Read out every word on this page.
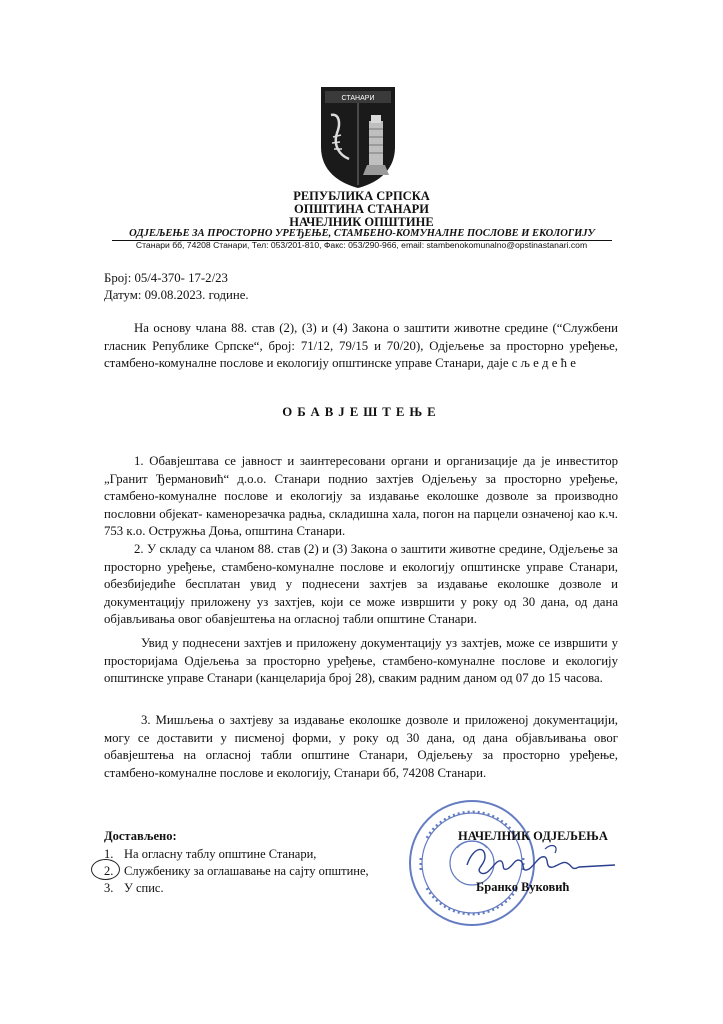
СТАНАРИ
РЕПУБЛИКА СРПСКА
ОПШТИНА СТАНАРИ
НАЧЕЛНИК ОПШТИНЕ
ОДЈЕЉЕЊЕ ЗА ПРОСТОРНО УРЕЂЕЊЕ, СТАМБЕНО-КОМУНАЛНЕ ПОСЛОВЕ И ЕКОЛОГИЈУ
Станари бб, 74208 Станари, Тел: 053/201-810, Факс: 053/290-966, email: stambenokomunalno@opstinastanari.com
Број: 05/4-370- 17-2/23
Датум: 09.08.2023. године.
На основу члана 88. став (2), (3) и (4) Закона о заштити животне средине (“Службени гласник Републике Српске“, број: 71/12, 79/15 и 70/20), Одјељење за просторно уређење, стамбено-комуналне послове и екологију општинске управе Станари, даје с љ е д е ћ е
ОБАВЈЕШТЕЊЕ
1. Обавјештава се јавност и заинтересовани органи и организације да је инвеститор „Гранит Ђермановић“ д.о.о. Станари поднио захтјев Одјељењу за просторно уређење, стамбено-комуналне послове и екологију за издавање еколошке дозволе за производно пословни објекат- каменорезачка радња, складишна хала, погон на парцели означеној као к.ч. 753 к.о. Остружња Доња, општина Станари.
2. У складу са чланом 88. став (2) и (3) Закона о заштити животне средине, Одјељење за просторно уређење, стамбено-комуналне послове и екологију општинске управе Станари, обезбиједиће бесплатан увид у поднесени захтјев за издавање еколошке дозволе и документацију приложену уз захтјев, који се може извршити у року од 30 дана, од дана објављивања овог обавјештења на огласној табли општине Станари.
Увид у поднесени захтјев и приложену документацију уз захтјев, може се извршити у просторијама Одјељења за просторно уређење, стамбено-комуналне послове и екологију општинске управе Станари (канцеларија број 28), сваким радним даном од 07 до 15 часова.
3. Мишљења о захтјеву за издавање еколошке дозволе и приложеној документацији, могу се доставити у писменој форми, у року од 30 дана, од дана објављивања овог обавјештења на огласној табли општине Станари, Одјељењу за просторно уређење, стамбено-комуналне послове и екологију, Станари бб, 74208 Станари.
Достављено:
1. На огласну таблу општине Станари,
2. Службенику за оглашавање на сајту општине,
3. У спис.
НАЧЕЛНИК ОДЈЕЉЕЊА
Бранко Вуковић
